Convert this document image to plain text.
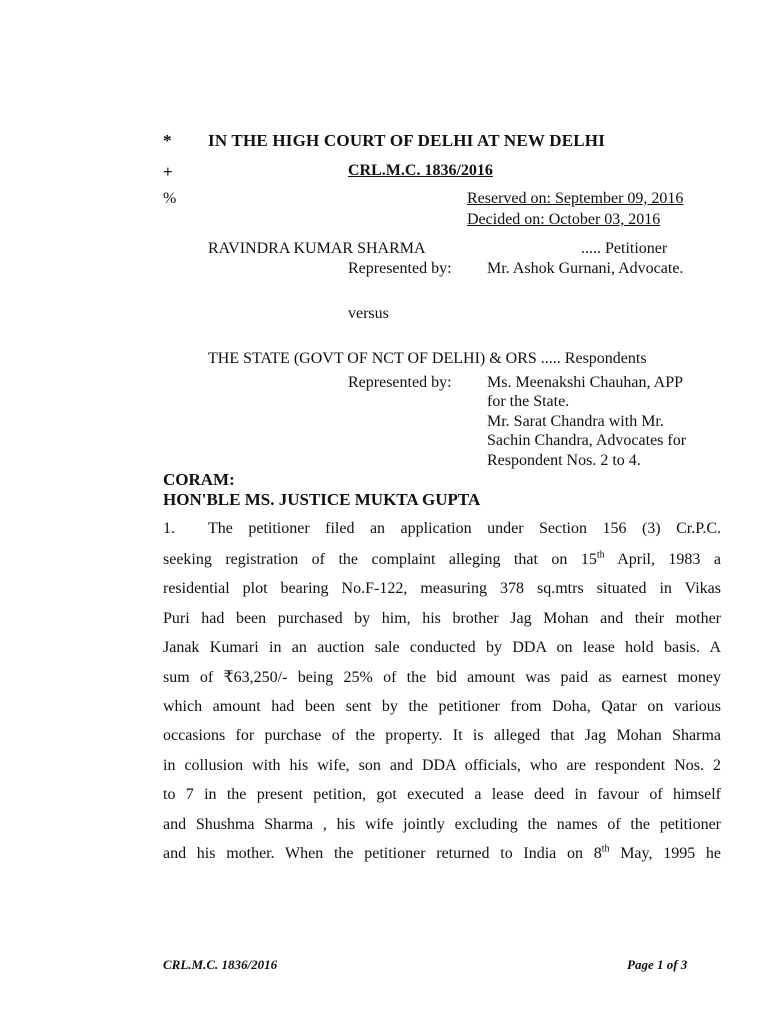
* IN THE HIGH COURT OF DELHI AT NEW DELHI
+	CRL.M.C. 1836/2016
%	Reserved on: September 09, 2016
Decided on: October 03, 2016
RAVINDRA KUMAR SHARMA	..... Petitioner
Represented by: Mr. Ashok Gurnani, Advocate.
versus
THE STATE (GOVT OF NCT OF DELHI) & ORS ..... Respondents
Represented by: Ms. Meenakshi Chauhan, APP
for the State.
Mr. Sarat Chandra with Mr.
Sachin Chandra, Advocates for
Respondent Nos. 2 to 4.
CORAM:
HON'BLE MS. JUSTICE MUKTA GUPTA
1. The petitioner filed an application under Section 156 (3) Cr.P.C.
seeking registration of the complaint alleging that on 15th April, 1983 a
residential plot bearing No.F-122, measuring 378 sq.mtrs situated in Vikas
Puri had been purchased by him, his brother Jag Mohan and their mother
Janak Kumari in an auction sale conducted by DDA on lease hold basis. A
sum of ₹63,250/- being 25% of the bid amount was paid as earnest money
which amount had been sent by the petitioner from Doha, Qatar on various
occasions for purchase of the property. It is alleged that Jag Mohan Sharma
in collusion with his wife, son and DDA officials, who are respondent Nos. 2
to 7 in the present petition, got executed a lease deed in favour of himself
and Shushma Sharma , his wife jointly excluding the names of the petitioner
and his mother. When the petitioner returned to India on 8th May, 1995 he
CRL.M.C. 1836/2016	Page 1 of 3
